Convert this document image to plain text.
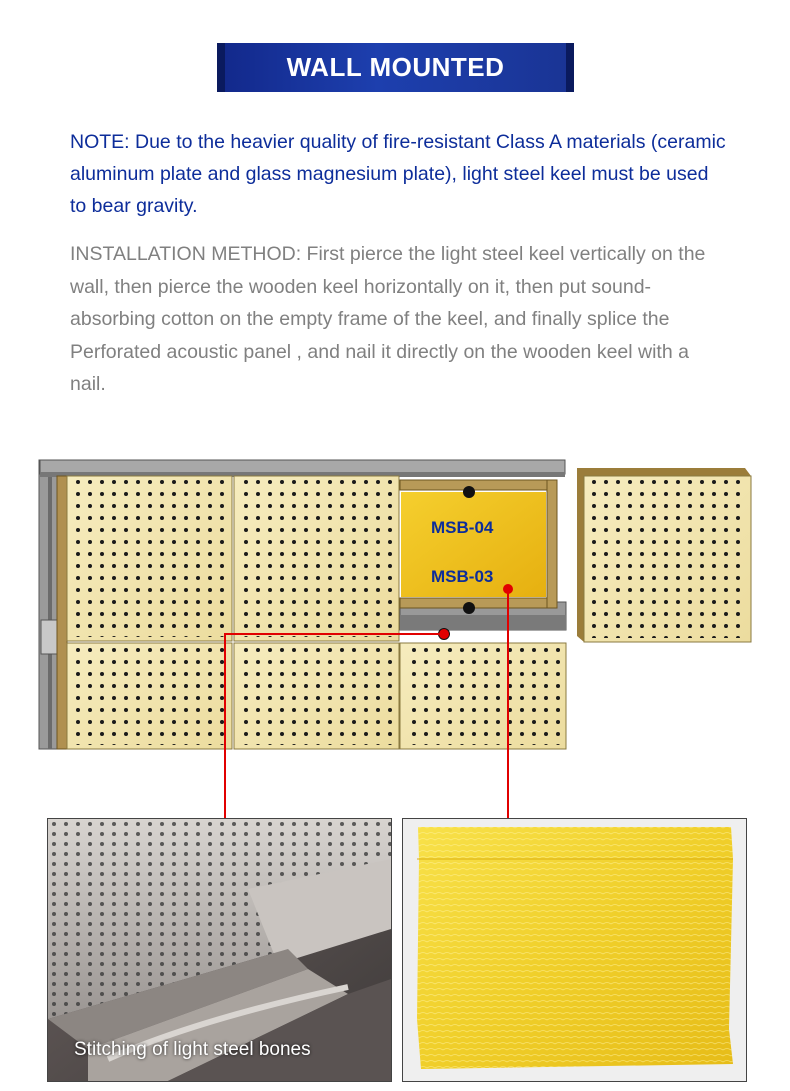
WALL MOUNTED
NOTE: Due to the heavier quality of fire-resistant Class A materials (ceramic aluminum plate and glass magnesium plate), light steel keel must be used to bear gravity.
INSTALLATION METHOD: First pierce the light steel keel vertically on the wall, then pierce the wooden keel horizontally on it, then put sound-absorbing cotton on the empty frame of the keel, and finally splice the Perforated acoustic panel , and nail it directly on the wooden keel with a nail.
MSB-04
MSB-03
Stitching of light steel bones
